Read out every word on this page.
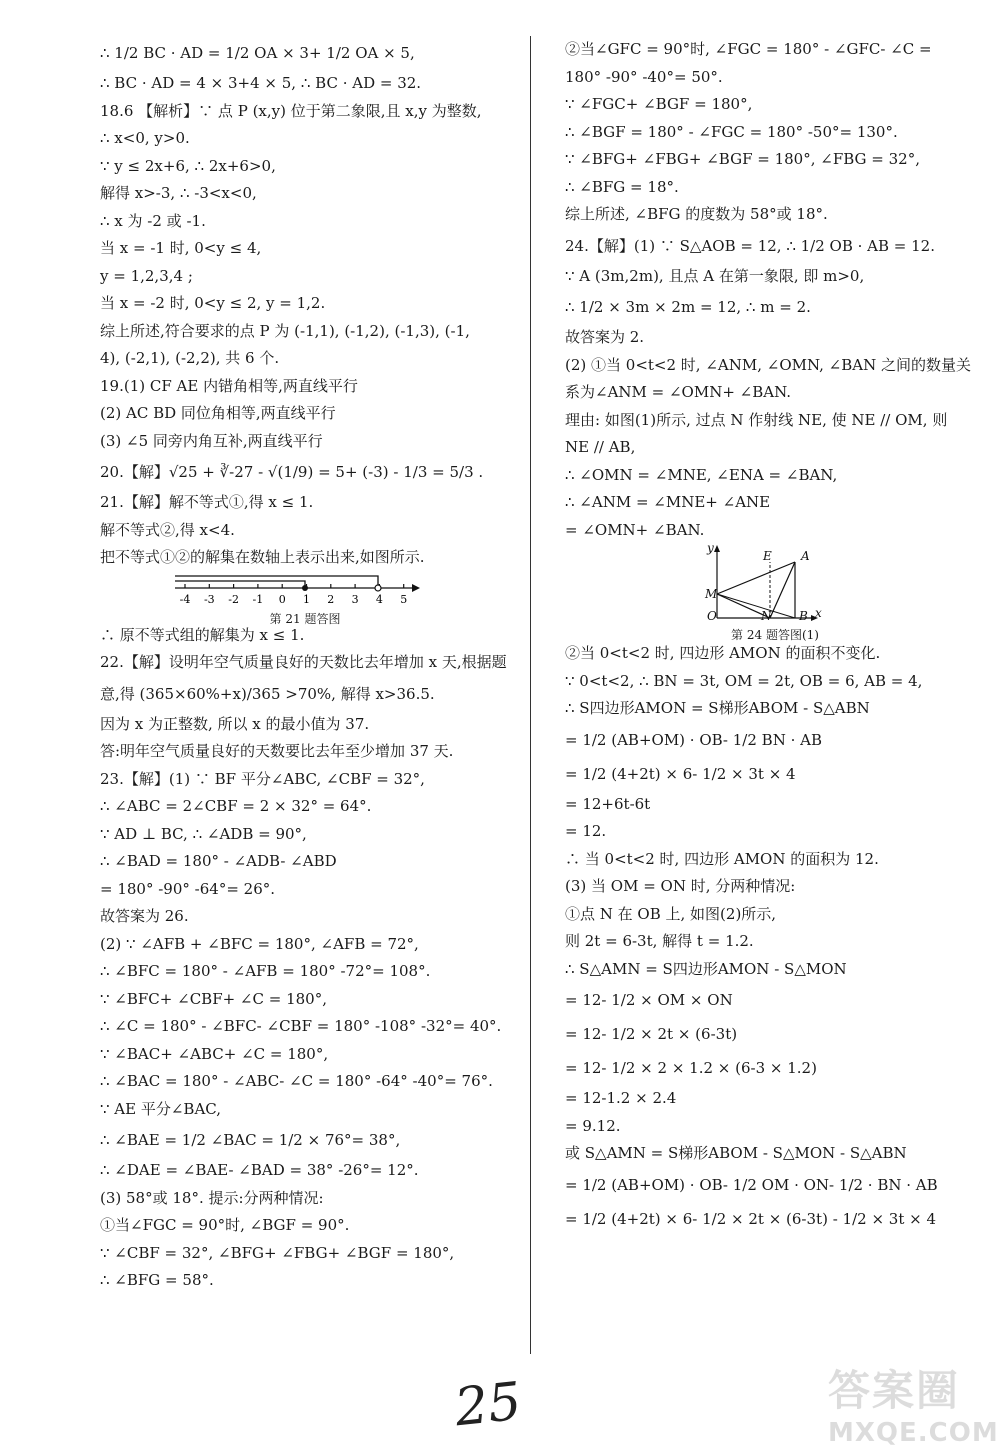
∴ 1/2 BC · AD = 1/2 OA × 3+ 1/2 OA × 5,
∴ BC · AD = 4 × 3+4 × 5, ∴ BC · AD = 32.
18.6 【解析】∵ 点 P (x,y) 位于第二象限,且 x,y 为整数,
∴ x<0, y>0.
∵ y ≤ 2x+6, ∴ 2x+6>0,
解得 x>-3, ∴ -3<x<0,
∴ x 为 -2 或 -1.
当 x = -1 时, 0<y ≤ 4,
y = 1,2,3,4 ;
当 x = -2 时, 0<y ≤ 2, y = 1,2.
综上所述,符合要求的点 P 为 (-1,1), (-1,2), (-1,3), (-1,
4), (-2,1), (-2,2), 共 6 个.
19.(1) CF AE 内错角相等,两直线平行
(2) AC BD 同位角相等,两直线平行
(3) ∠5 同旁内角互补,两直线平行
20.【解】√25 + ∛-27 - √(1/9) = 5+ (-3) - 1/3 = 5/3 .
21.【解】解不等式①,得 x ≤ 1.
解不等式②,得 x<4.
把不等式①②的解集在数轴上表示出来,如图所示.
-4 -3 -2 -1 0 1 2 3 4 5
第 21 题答图
∴ 原不等式组的解集为 x ≤ 1.
22.【解】设明年空气质量良好的天数比去年增加 x 天,根据题
意,得 (365×60%+x)/365 >70%, 解得 x>36.5.
因为 x 为正整数, 所以 x 的最小值为 37.
答:明年空气质量良好的天数要比去年至少增加 37 天.
23.【解】(1) ∵ BF 平分∠ABC, ∠CBF = 32°,
∴ ∠ABC = 2∠CBF = 2 × 32° = 64°.
∵ AD ⊥ BC, ∴ ∠ADB = 90°,
∴ ∠BAD = 180° - ∠ADB- ∠ABD
= 180° -90° -64°= 26°.
故答案为 26.
(2) ∵ ∠AFB + ∠BFC = 180°, ∠AFB = 72°,
∴ ∠BFC = 180° - ∠AFB = 180° -72°= 108°.
∵ ∠BFC+ ∠CBF+ ∠C = 180°,
∴ ∠C = 180° - ∠BFC- ∠CBF = 180° -108° -32°= 40°.
∵ ∠BAC+ ∠ABC+ ∠C = 180°,
∴ ∠BAC = 180° - ∠ABC- ∠C = 180° -64° -40°= 76°.
∵ AE 平分∠BAC,
∴ ∠BAE = 1/2 ∠BAC = 1/2 × 76°= 38°,
∴ ∠DAE = ∠BAE- ∠BAD = 38° -26°= 12°.
(3) 58°或 18°. 提示:分两种情况:
①当∠FGC = 90°时, ∠BGF = 90°.
∵ ∠CBF = 32°, ∠BFG+ ∠FBG+ ∠BGF = 180°,
∴ ∠BFG = 58°.
②当∠GFC = 90°时, ∠FGC = 180° - ∠GFC- ∠C =
180° -90° -40°= 50°.
∵ ∠FGC+ ∠BGF = 180°,
∴ ∠BGF = 180° - ∠FGC = 180° -50°= 130°.
∵ ∠BFG+ ∠FBG+ ∠BGF = 180°, ∠FBG = 32°,
∴ ∠BFG = 18°.
综上所述, ∠BFG 的度数为 58°或 18°.
24.【解】(1) ∵ S△AOB = 12, ∴ 1/2 OB · AB = 12.
∵ A (3m,2m), 且点 A 在第一象限, 即 m>0,
∴ 1/2 × 3m × 2m = 12, ∴ m = 2.
故答案为 2.
(2) ①当 0<t<2 时, ∠ANM, ∠OMN, ∠BAN 之间的数量关
系为∠ANM = ∠OMN+ ∠BAN.
理由: 如图(1)所示, 过点 N 作射线 NE, 使 NE // OM, 则
NE // AB,
∴ ∠OMN = ∠MNE, ∠ENA = ∠BAN,
∴ ∠ANM = ∠MNE+ ∠ANE
= ∠OMN+ ∠BAN.
y
E A
M
O	N B x
第 24 题答图(1)
②当 0<t<2 时, 四边形 AMON 的面积不变化.
∵ 0<t<2, ∴ BN = 3t, OM = 2t, OB = 6, AB = 4,
∴ S四边形AMON = S梯形ABOM - S△ABN
= 1/2 (AB+OM) · OB- 1/2 BN · AB
= 1/2 (4+2t) × 6- 1/2 × 3t × 4
= 12+6t-6t
= 12.
∴ 当 0<t<2 时, 四边形 AMON 的面积为 12.
(3) 当 OM = ON 时, 分两种情况:
①点 N 在 OB 上, 如图(2)所示,
则 2t = 6-3t, 解得 t = 1.2.
∴ S△AMN = S四边形AMON - S△MON
= 12- 1/2 × OM × ON
= 12- 1/2 × 2t × (6-3t)
= 12- 1/2 × 2 × 1.2 × (6-3 × 1.2)
= 12-1.2 × 2.4
= 9.12.
或 S△AMN = S梯形ABOM - S△MON - S△ABN
= 1/2 (AB+OM) · OB- 1/2 OM · ON- 1/2 · BN · AB
= 1/2 (4+2t) × 6- 1/2 × 2t × (6-3t) - 1/2 × 3t × 4
25	答案圈
MXQE.COM
